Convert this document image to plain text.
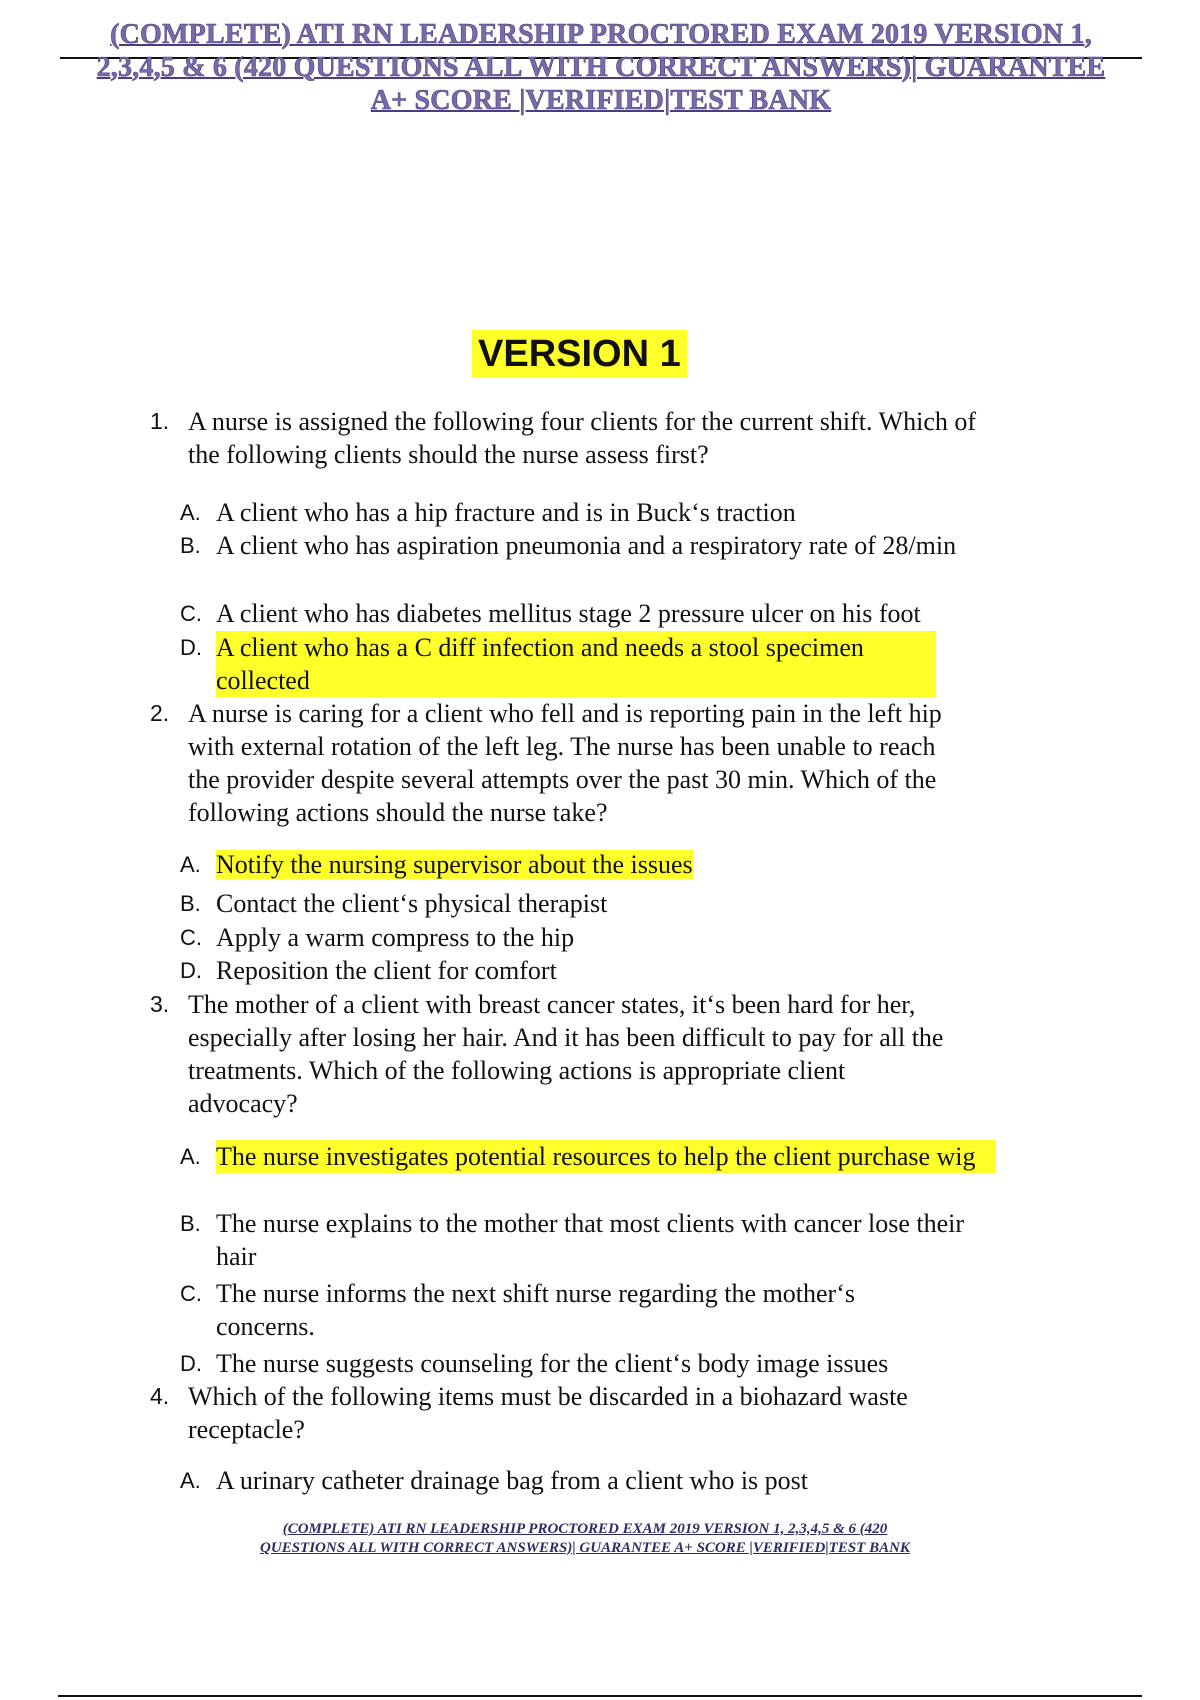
(COMPLETE) ATI RN LEADERSHIP PROCTORED EXAM 2019 VERSION 1, 2,3,4,5 & 6 (420 QUESTIONS ALL WITH CORRECT ANSWERS)| GUARANTEE A+ SCORE |VERIFIED|TEST BANK
VERSION 1
1. A nurse is assigned the following four clients for the current shift. Which of the following clients should the nurse assess first?
A. A client who has a hip fracture and is in Buck‘s traction
B. A client who has aspiration pneumonia and a respiratory rate of 28/min
C. A client who has diabetes mellitus stage 2 pressure ulcer on his foot
D. A client who has a C diff infection and needs a stool specimen collected
2. A nurse is caring for a client who fell and is reporting pain in the left hip with external rotation of the left leg. The nurse has been unable to reach the provider despite several attempts over the past 30 min. Which of the following actions should the nurse take?
A. Notify the nursing supervisor about the issues
B. Contact the client‘s physical therapist
C. Apply a warm compress to the hip
D. Reposition the client for comfort
3. The mother of a client with breast cancer states, it‘s been hard for her, especially after losing her hair. And it has been difficult to pay for all the treatments. Which of the following actions is appropriate client advocacy?
A. The nurse investigates potential resources to help the client purchase wig
B. The nurse explains to the mother that most clients with cancer lose their hair
C. The nurse informs the next shift nurse regarding the mother‘s concerns.
D. The nurse suggests counseling for the client‘s body image issues
4. Which of the following items must be discarded in a biohazard waste receptacle?
A. A urinary catheter drainage bag from a client who is post
(COMPLETE) ATI RN LEADERSHIP PROCTORED EXAM 2019 VERSION 1, 2,3,4,5 & 6 (420 QUESTIONS ALL WITH CORRECT ANSWERS)| GUARANTEE A+ SCORE |VERIFIED|TEST BANK
